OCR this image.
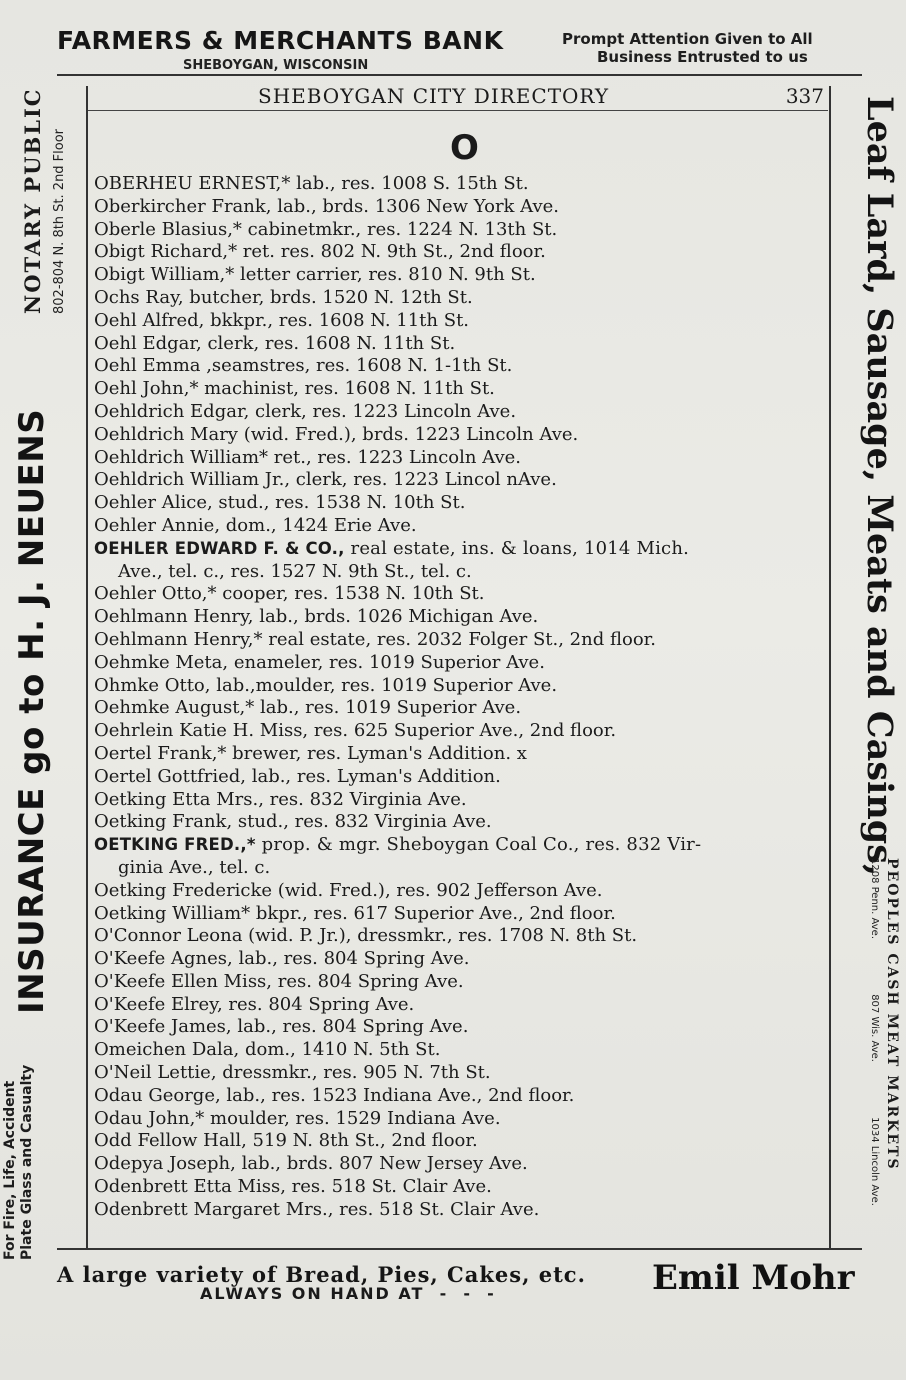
FARMERS & MERCHANTS BANK
SHEBOYGAN, WISCONSIN
Prompt Attention Given to All
Business Entrusted to us
SHEBOYGAN CITY DIRECTORY	337
For Fire, Life, Accident Plate Glass and Casualty
INSURANCE go to H. J. NEUENS
NOTARY PUBLIC 802-804 N. 8th St. 2nd Floor	Leaf Lard, Sausage, Meats and Casings,
PEOPLES CASH MEAT MARKETS
1208 Penn. Ave. 807 Wis. Ave. 1034 Lincoln Ave.
O
OBERHEU ERNEST,* lab., res. 1008 S. 15th St.
Oberkircher Frank, lab., brds. 1306 New York Ave.
Oberle Blasius,* cabinetmkr., res. 1224 N. 13th St.
Obigt Richard,* ret. res. 802 N. 9th St., 2nd floor.
Obigt William,* letter carrier, res. 810 N. 9th St.
Ochs Ray, butcher, brds. 1520 N. 12th St.
Oehl Alfred, bkkpr., res. 1608 N. 11th St.
Oehl Edgar, clerk, res. 1608 N. 11th St.
Oehl Emma ,seamstres, res. 1608 N. 1-1th St.
Oehl John,* machinist, res. 1608 N. 11th St.
Oehldrich Edgar, clerk, res. 1223 Lincoln Ave.
Oehldrich Mary (wid. Fred.), brds. 1223 Lincoln Ave.
Oehldrich William* ret., res. 1223 Lincoln Ave.
Oehldrich William Jr., clerk, res. 1223 Lincol nAve.
Oehler Alice, stud., res. 1538 N. 10th St.
Oehler Annie, dom., 1424 Erie Ave.
OEHLER EDWARD F. & CO., real estate, ins. & loans, 1014 Mich.
Ave., tel. c., res. 1527 N. 9th St., tel. c.
Oehler Otto,* cooper, res. 1538 N. 10th St.
Oehlmann Henry, lab., brds. 1026 Michigan Ave.
Oehlmann Henry,* real estate, res. 2032 Folger St., 2nd floor.
Oehmke Meta, enameler, res. 1019 Superior Ave.
Ohmke Otto, lab.,moulder, res. 1019 Superior Ave.
Oehmke August,* lab., res. 1019 Superior Ave.
Oehrlein Katie H. Miss, res. 625 Superior Ave., 2nd floor.
Oertel Frank,* brewer, res. Lyman's Addition. x
Oertel Gottfried, lab., res. Lyman's Addition.
Oetking Etta Mrs., res. 832 Virginia Ave.
Oetking Frank, stud., res. 832 Virginia Ave.
OETKING FRED.,* prop. & mgr. Sheboygan Coal Co., res. 832 Vir-
ginia Ave., tel. c.
Oetking Fredericke (wid. Fred.), res. 902 Jefferson Ave.
Oetking William* bkpr., res. 617 Superior Ave., 2nd floor.
O'Connor Leona (wid. P. Jr.), dressmkr., res. 1708 N. 8th St.
O'Keefe Agnes, lab., res. 804 Spring Ave.
O'Keefe Ellen Miss, res. 804 Spring Ave.
O'Keefe Elrey, res. 804 Spring Ave.
O'Keefe James, lab., res. 804 Spring Ave.
Omeichen Dala, dom., 1410 N. 5th St.
O'Neil Lettie, dressmkr., res. 905 N. 7th St.
Odau George, lab., res. 1523 Indiana Ave., 2nd floor.
Odau John,* moulder, res. 1529 Indiana Ave.
Odd Fellow Hall, 519 N. 8th St., 2nd floor.
Odepya Joseph, lab., brds. 807 New Jersey Ave.
Odenbrett Etta Miss, res. 518 St. Clair Ave.
Odenbrett Margaret Mrs., res. 518 St. Clair Ave.
A large variety of Bread, Pies, Cakes, etc.
ALWAYS ON HAND AT  -  -  -	Emil Mohr
